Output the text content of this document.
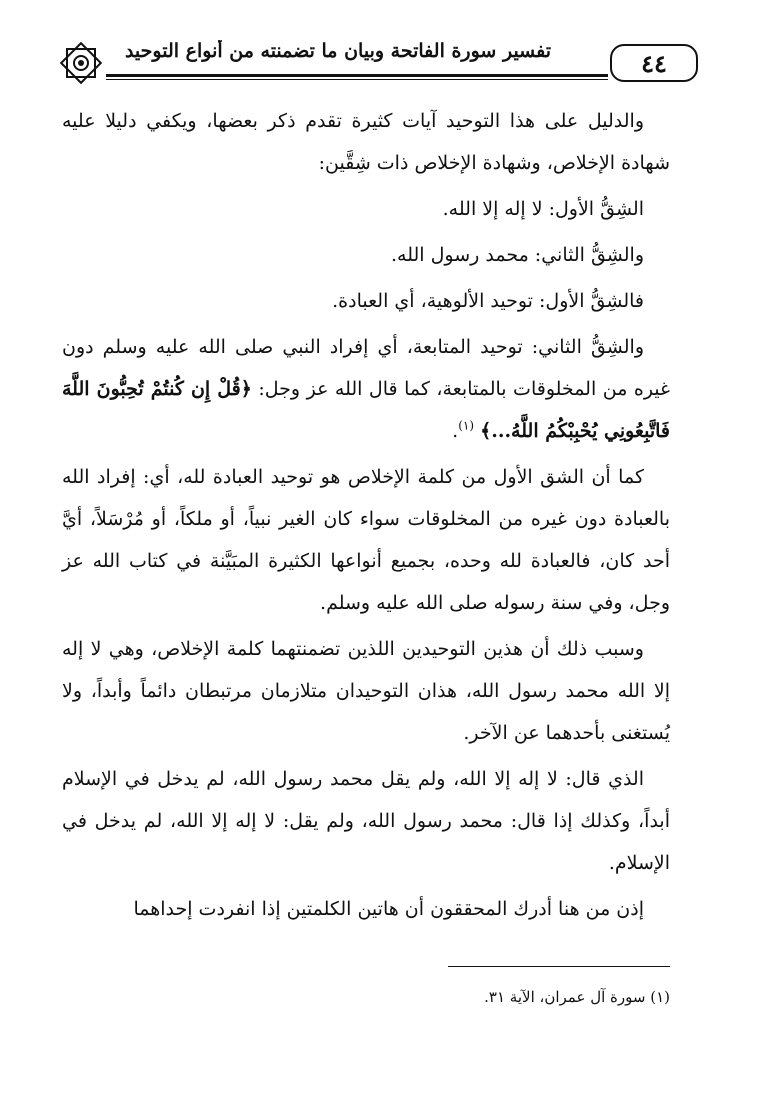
تفسير سورة الفاتحة وبيان ما تضمنته من أنواع التوحيد	٤٤

والدليل على هذا التوحيد آيات كثيرة تقدم ذكر بعضها، ويكفي دليلا عليه شهادة الإخلاص، وشهادة الإخلاص ذات شِقَّين:

الشِقُّ الأول: لا إله إلا الله.

والشِقُّ الثاني: محمد رسول الله.

فالشِقُّ الأول: توحيد الألوهية، أي العبادة.

والشِقُّ الثاني: توحيد المتابعة، أي إفراد النبي صلى الله عليه وسلم دون غيره من المخلوقات بالمتابعة، كما قال الله عز وجل: ﴿قُلْ إِن كُنتُمْ تُحِبُّونَ اللَّهَ فَاتَّبِعُونِي يُحْبِبْكُمُ اللَّهُ...﴾ $^{(١)}$.

كما أن الشق الأول من كلمة الإخلاص هو توحيد العبادة لله، أي: إفراد الله بالعبادة دون غيره من المخلوقات سواء كان الغير نبياً، أو ملكاً، أو مُرْسَلاً، أيَّ أحد كان، فالعبادة لله وحده، بجميع أنواعها الكثيرة المبَيَّنة في كتاب الله عز وجل، وفي سنة رسوله صلى الله عليه وسلم.

وسبب ذلك أن هذين التوحيدين اللذين تضمنتهما كلمة الإخلاص، وهي لا إله إلا الله محمد رسول الله، هذان التوحيدان متلازمان مرتبطان دائماً وأبداً، ولا يُستغنى بأحدهما عن الآخر.

الذي قال: لا إله إلا الله، ولم يقل محمد رسول الله، لم يدخل في الإسلام أبداً، وكذلك إذا قال: محمد رسول الله، ولم يقل: لا إله إلا الله، لم يدخل في الإسلام.

إذن من هنا أدرك المحققون أن هاتين الكلمتين إذا انفردت إحداهما

(١) سورة آل عمران، الآية ٣١.
